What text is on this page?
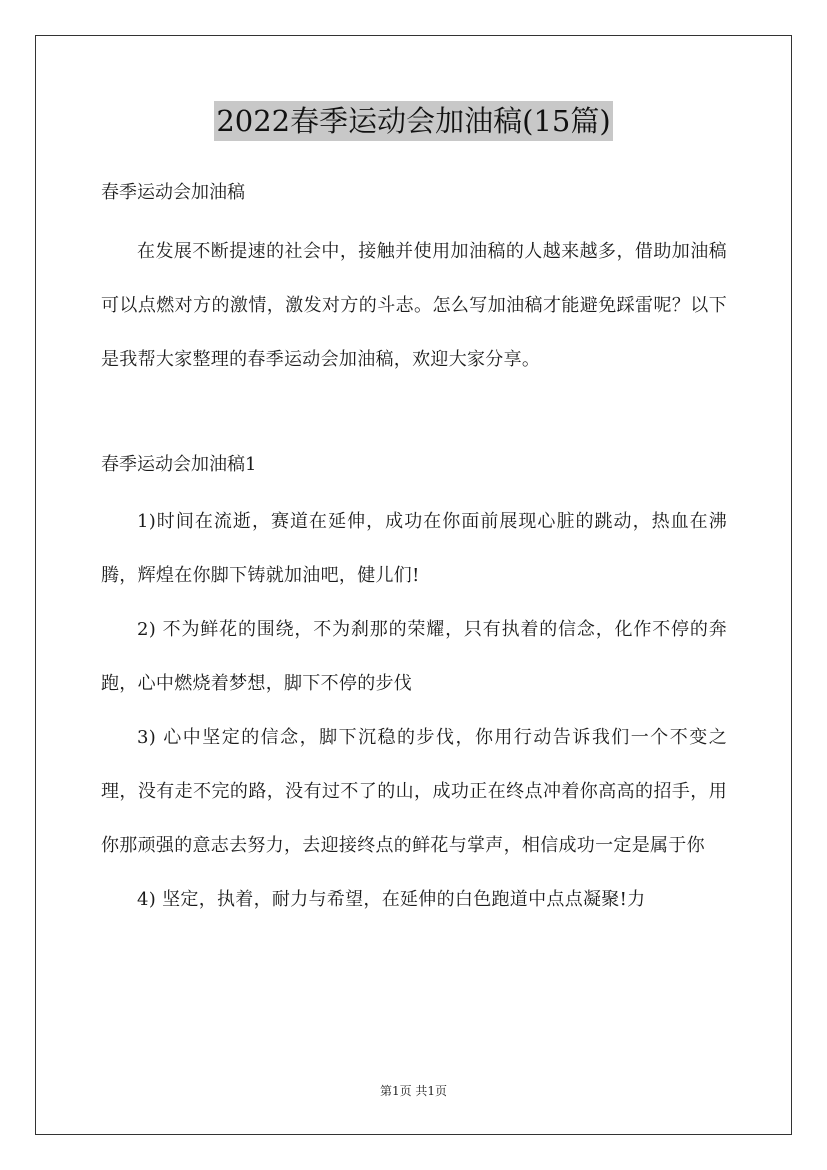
2022春季运动会加油稿(15篇)

春季运动会加油稿

在发展不断提速的社会中，接触并使用加油稿的人越来越多，借助加油稿可以点燃对方的激情，激发对方的斗志。怎么写加油稿才能避免踩雷呢？以下是我帮大家整理的春季运动会加油稿，欢迎大家分享。

春季运动会加油稿1

1)时间在流逝，赛道在延伸，成功在你面前展现心脏的跳动，热血在沸腾，辉煌在你脚下铸就加油吧，健儿们!

2) 不为鲜花的围绕，不为刹那的荣耀，只有执着的信念，化作不停的奔跑，心中燃烧着梦想，脚下不停的步伐

3) 心中坚定的信念，脚下沉稳的步伐，你用行动告诉我们一个不变之理，没有走不完的路，没有过不了的山，成功正在终点冲着你高高的招手，用你那顽强的意志去努力，去迎接终点的鲜花与掌声，相信成功一定是属于你

4) 坚定，执着，耐力与希望，在延伸的白色跑道中点点凝聚!力

第1页 共1页
